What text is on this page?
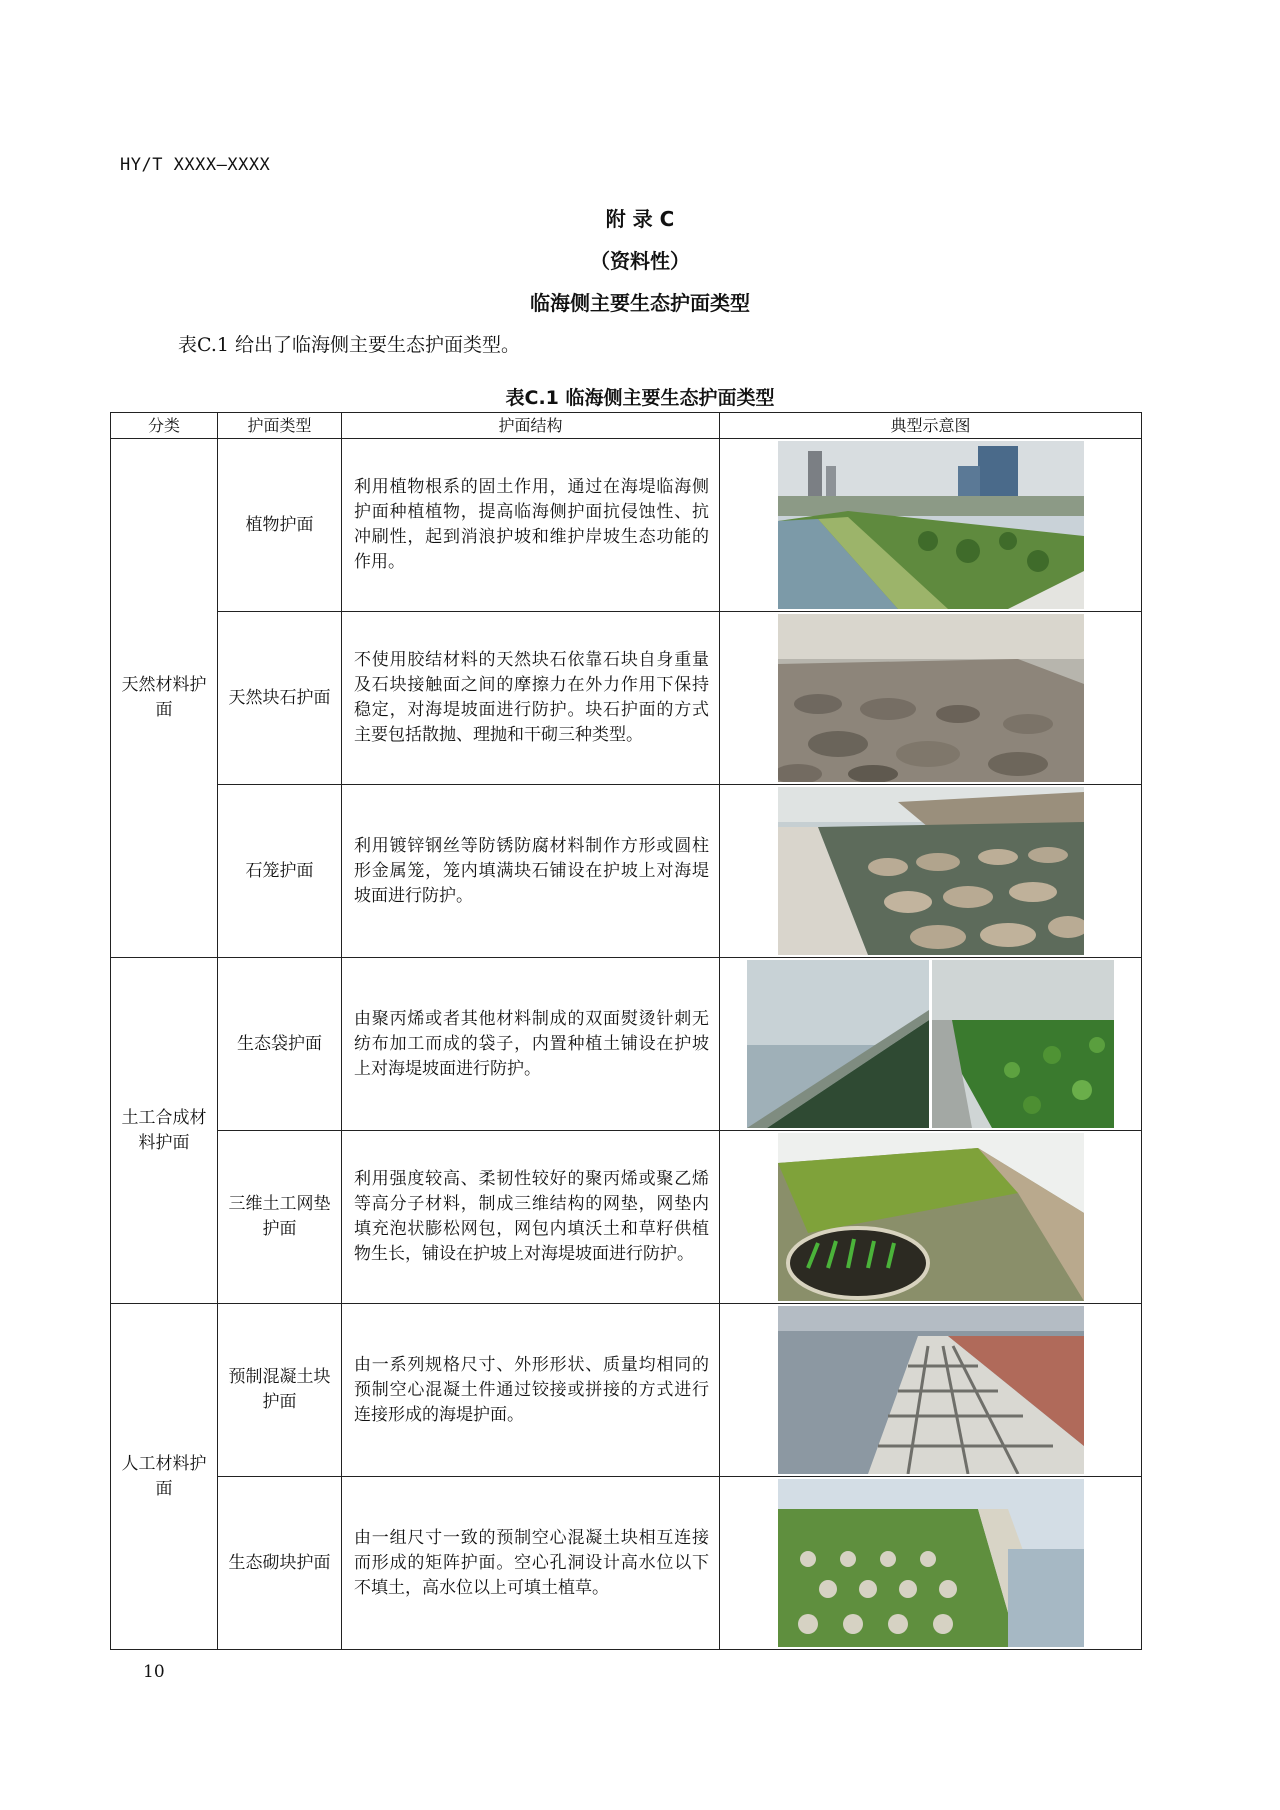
HY/T XXXX—XXXX
附 录 C
（资料性）
临海侧主要生态护面类型
表C.1 给出了临海侧主要生态护面类型。
表C.1 临海侧主要生态护面类型
分类	护面类型	护面结构	典型示意图
天然材料护面	植物护面	利用植物根系的固土作用，通过在海堤临海侧护面种植植物，提高临海侧护面抗侵蚀性、抗冲刷性，起到消浪护坡和维护岸坡生态功能的作用。	
	天然块石护面	不使用胶结材料的天然块石依靠石块自身重量及石块接触面之间的摩擦力在外力作用下保持稳定，对海堤坡面进行防护。块石护面的方式主要包括散抛、理抛和干砌三种类型。	
	石笼护面	利用镀锌钢丝等防锈防腐材料制作方形或圆柱形金属笼，笼内填满块石铺设在护坡上对海堤坡面进行防护。	
土工合成材料护面	生态袋护面	由聚丙烯或者其他材料制成的双面熨烫针刺无纺布加工而成的袋子，内置种植土铺设在护坡上对海堤坡面进行防护。	

	三维土工网垫护面	利用强度较高、柔韧性较好的聚丙烯或聚乙烯等高分子材料，制成三维结构的网垫，网垫内填充泡状膨松网包，网包内填沃土和草籽供植物生长，铺设在护坡上对海堤坡面进行防护。	
人工材料护面	预制混凝土块护面	由一系列规格尺寸、外形形状、质量均相同的预制空心混凝土件通过铰接或拼接的方式进行连接形成的海堤护面。	
	生态砌块护面	由一组尺寸一致的预制空心混凝土块相互连接而形成的矩阵护面。空心孔洞设计高水位以下不填土，高水位以上可填土植草。	
10
